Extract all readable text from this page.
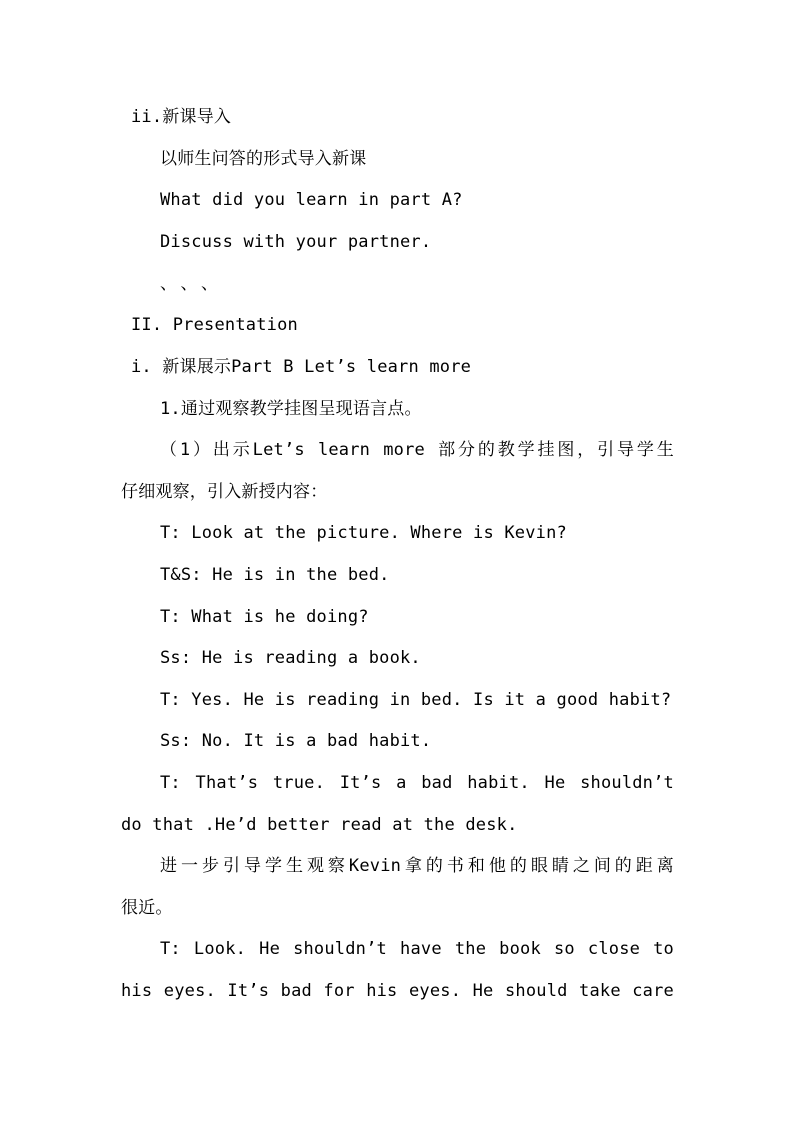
ii.新课导入
以师生问答的形式导入新课
What did you learn in part A?
Discuss with your partner.
、、、
II. Presentation
i. 新课展示Part B Let’s learn more
1.通过观察教学挂图呈现语言点。
（1）出示Let’s learn more 部分的教学挂图，引导学生
仔细观察，引入新授内容：
T: Look at the picture. Where is Kevin?
T&S: He is in the bed.
T: What is he doing?
Ss: He is reading a book.
T: Yes. He is reading in bed. Is it a good habit?
Ss: No. It is a bad habit.
T: That’s true. It’s a bad habit. He shouldn’t
do that .He’d better read at the desk.
进一步引导学生观察Kevin拿的书和他的眼睛之间的距离
很近。
T: Look. He shouldn’t have the book so close to
his eyes. It’s bad for his eyes. He should take care
